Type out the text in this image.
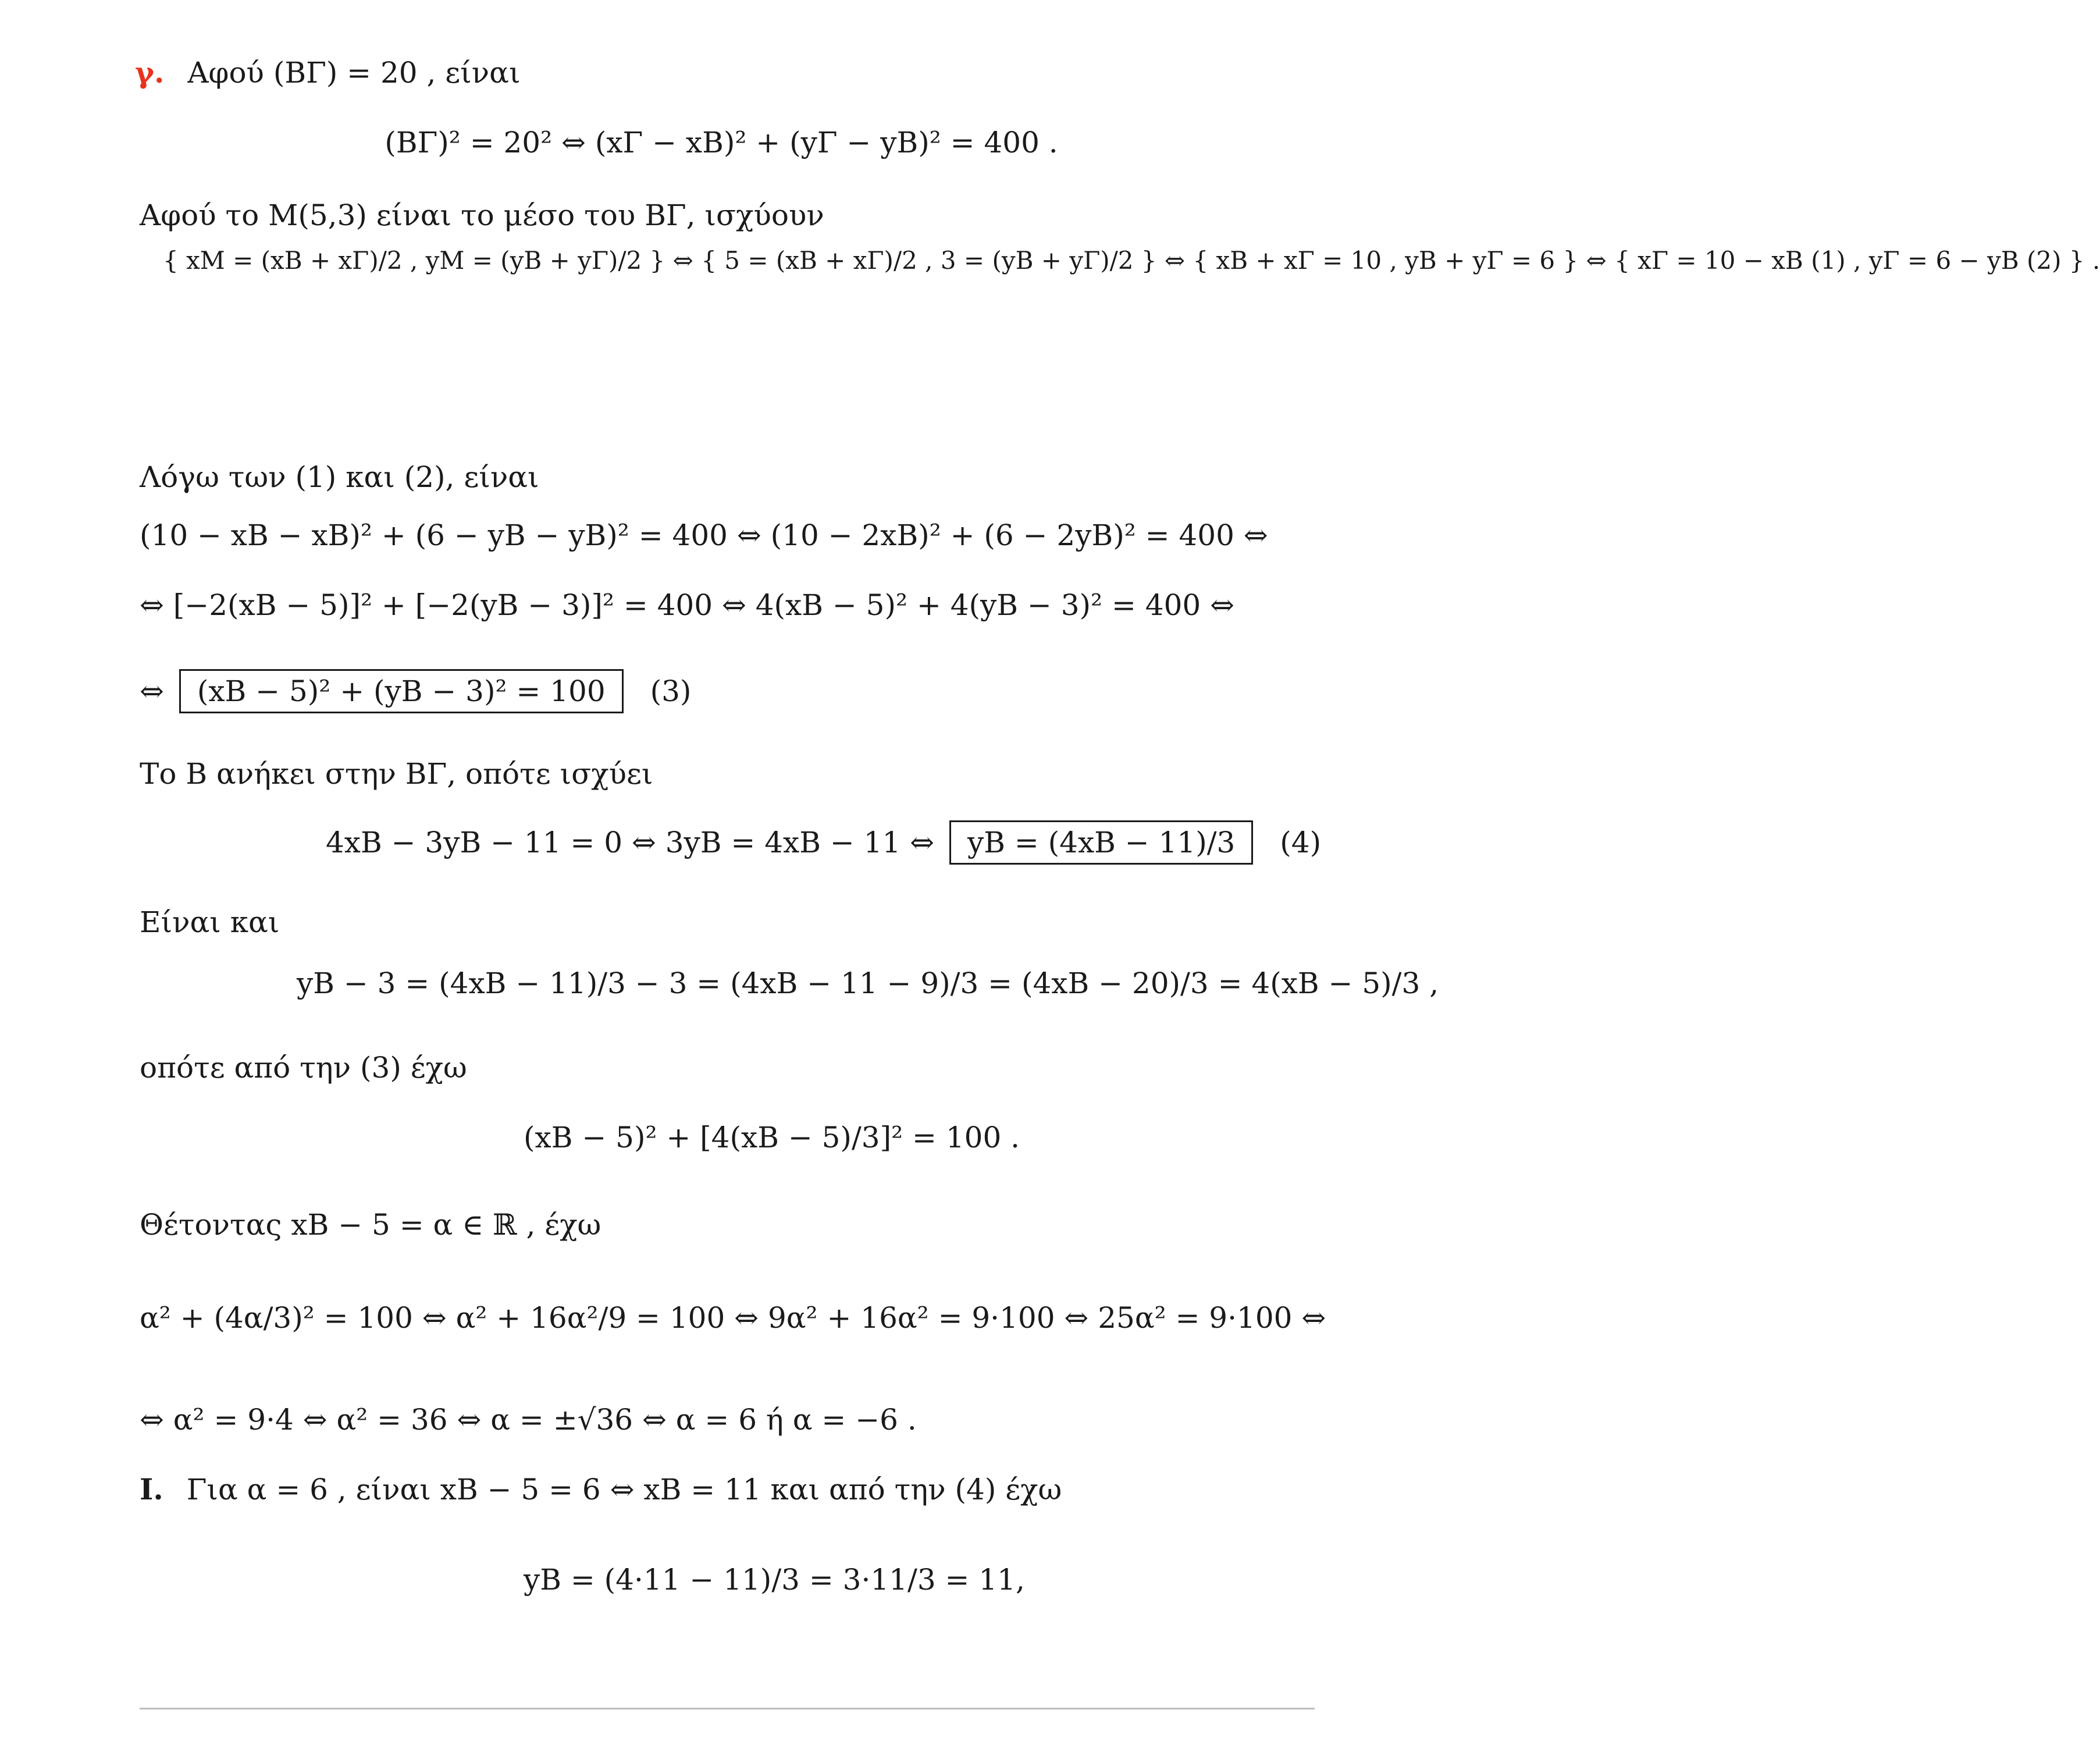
γ. Αφού (ΒΓ) = 20 , είναι
(ΒΓ)² = 20² ⇔ (xΓ − xΒ)² + (yΓ − yΒ)² = 400 .
Αφού το M(5,3) είναι το μέσο του ΒΓ, ισχύουν
{ xM = (xΒ + xΓ)/2 , yM = (yΒ + yΓ)/2 } ⇔ { 5 = (xΒ + xΓ)/2 , 3 = (yΒ + yΓ)/2 } ⇔ { xΒ + xΓ = 10 , yΒ + yΓ = 6 } ⇔ { xΓ = 10 − xΒ (1) , yΓ = 6 − yΒ (2) } .
Λόγω των (1) και (2), είναι
(10 − xΒ − xΒ)² + (6 − yΒ − yΒ)² = 400 ⇔ (10 − 2xΒ)² + (6 − 2yΒ)² = 400 ⇔
⇔ [−2(xΒ − 5)]² + [−2(yΒ − 3)]² = 400 ⇔ 4(xΒ − 5)² + 4(yΒ − 3)² = 400 ⇔
⇔ (xΒ − 5)² + (yΒ − 3)² = 100 (3)
Το Β ανήκει στην ΒΓ, οπότε ισχύει
4xΒ − 3yΒ − 11 = 0 ⇔ 3yΒ = 4xΒ − 11 ⇔ yΒ = (4xΒ − 11)/3 (4)
Είναι και
yΒ − 3 = (4xΒ − 11)/3 − 3 = (4xΒ − 11 − 9)/3 = (4xΒ − 20)/3 = 4(xΒ − 5)/3 ,
οπότε από την (3) έχω
(xΒ − 5)² + [4(xΒ − 5)/3]² = 100 .
Θέτοντας xΒ − 5 = α ∈ ℝ , έχω
α² + (4α/3)² = 100 ⇔ α² + 16α²/9 = 100 ⇔ 9α² + 16α² = 9·100 ⇔ 25α² = 9·100 ⇔
⇔ α² = 9·4 ⇔ α² = 36 ⇔ α = ±√36 ⇔ α = 6 ή α = −6 .
I. Για α = 6 , είναι xΒ − 5 = 6 ⇔ xΒ = 11 και από την (4) έχω
yΒ = (4·11 − 11)/3 = 3·11/3 = 11,
